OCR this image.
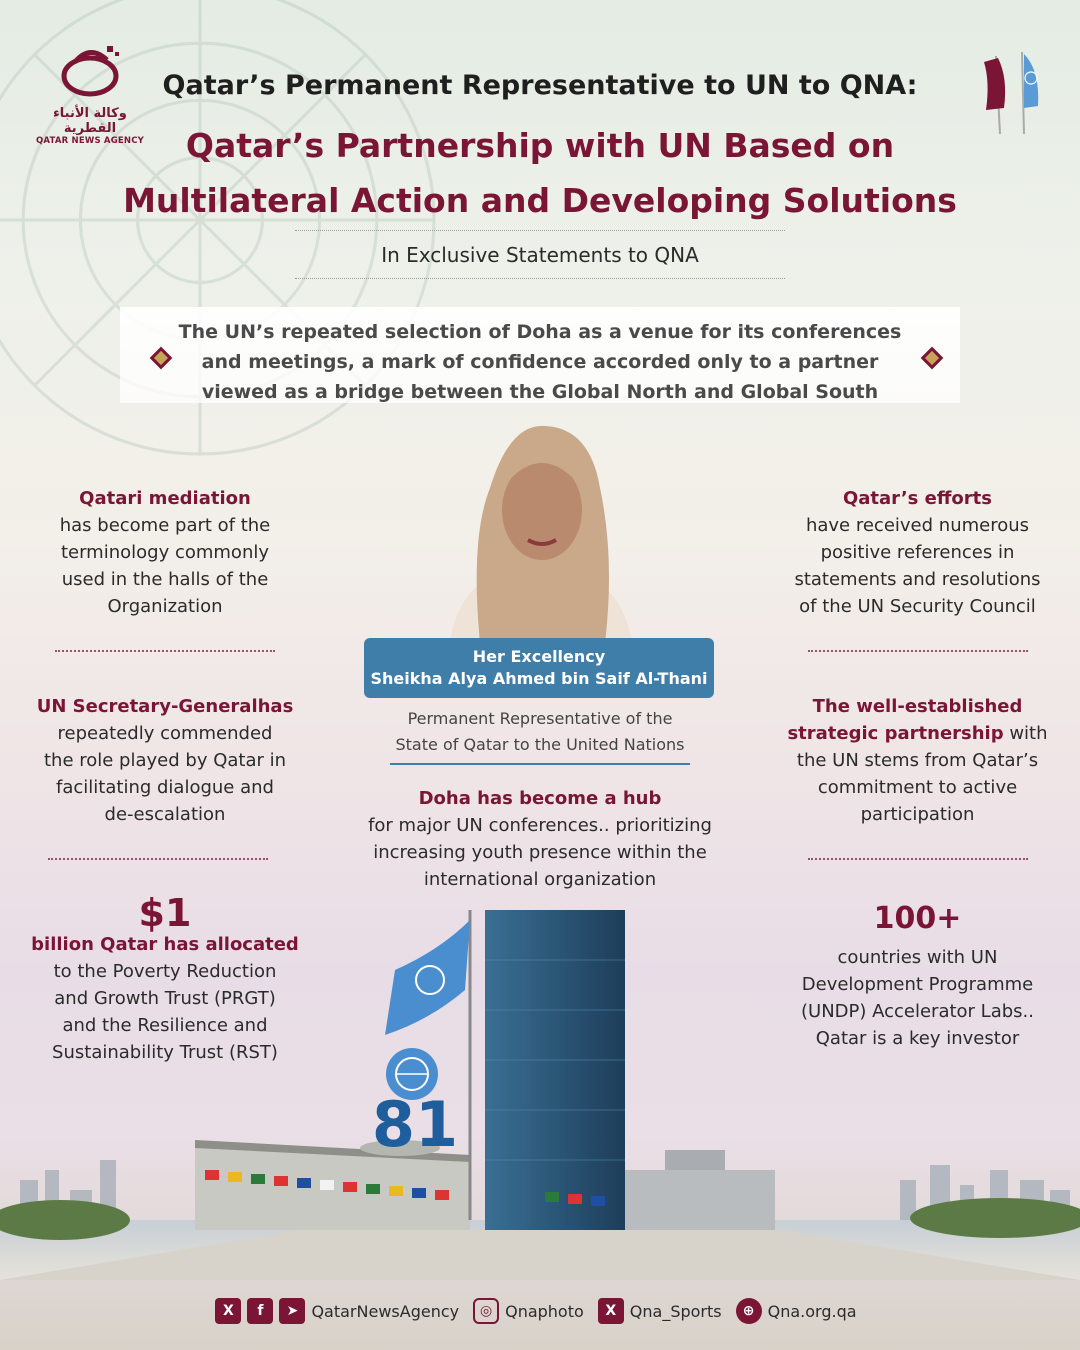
وكالة الأنباء القطرية
QATAR NEWS AGENCY
Qatar’s Permanent Representative to UN to QNA:
Qatar’s Partnership with UN Based on
Multilateral Action and Developing Solutions
In Exclusive Statements to QNA

The UN’s repeated selection of Doha as a venue for its conferences

and meetings, a mark of confidence accorded only to a partner

viewed as a bridge between the Global North and Global South

Her Excellency
Sheikha Alya Ahmed bin Saif Al-Thani
Permanent Representative of the
State of Qatar to the United Nations
Qatari mediation
has become part of the
terminology commonly
used in the halls of the
Organization
UN Secretary-Generalhas
repeatedly commended
the role played by Qatar in
facilitating dialogue and
de-escalation
$1
billion Qatar has allocated
to the Poverty Reduction
and Growth Trust (PRGT)
and the Resilience and
Sustainability Trust (RST)
Qatar’s efforts
have received numerous
positive references in
statements and resolutions
of the UN Security Council
The well-established
strategic partnership with
the UN stems from Qatar’s
commitment to active
participation
100+
countries with UN
Development Programme
(UNDP) Accelerator Labs..
Qatar is a key investor
Doha has become a hub
for major UN conferences.. prioritizing
increasing youth presence within the
international organization
81
X	f	➤ QatarNewsAgency	◎ Qnaphoto	X Qna_Sports	⊕ Qna.org.qa
